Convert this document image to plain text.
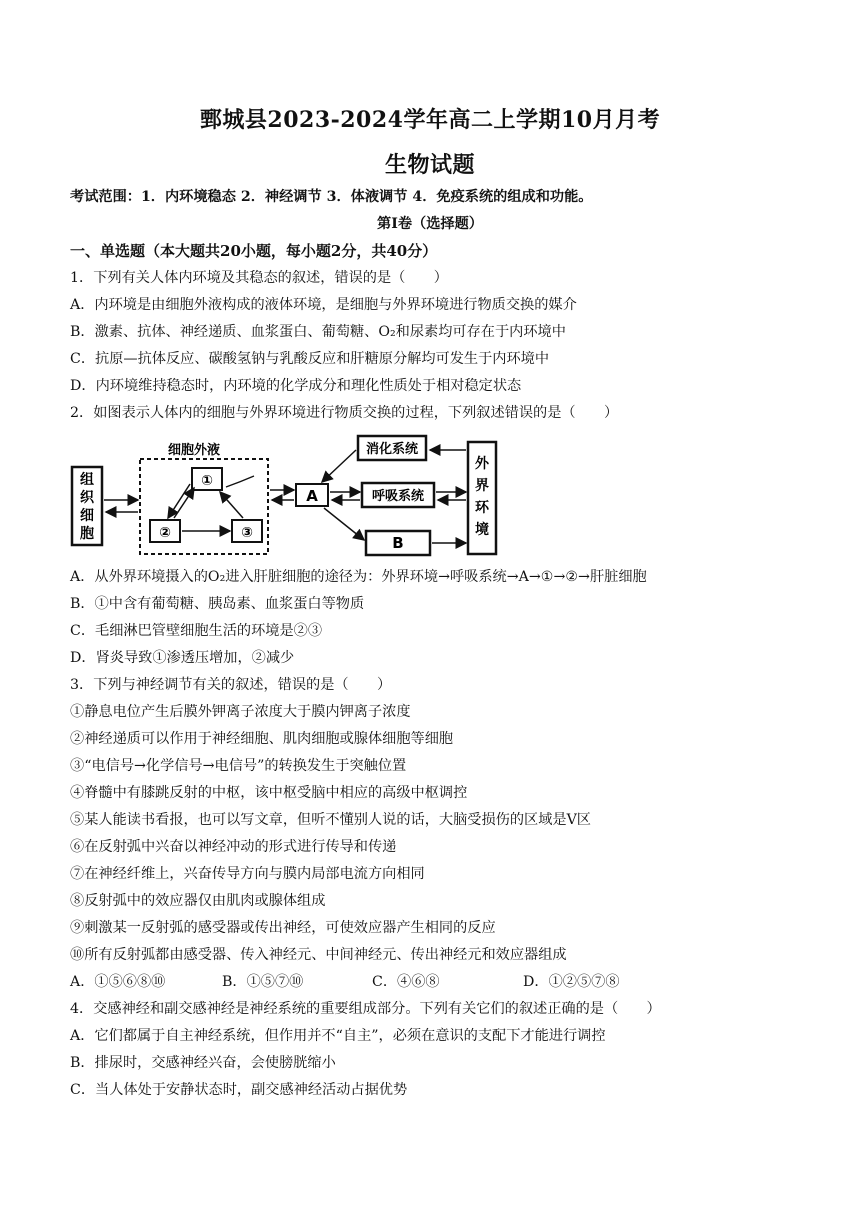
鄄城县2023-2024学年高二上学期10月月考
生物试题
考试范围：1．内环境稳态 2．神经调节 3．体液调节 4．免疫系统的组成和功能。
第Ⅰ卷（选择题）
一、单选题（本大题共20小题，每小题2分，共40分）
1．下列有关人体内环境及其稳态的叙述，错误的是（　　）
A．内环境是由细胞外液构成的液体环境，是细胞与外界环境进行物质交换的媒介
B．激素、抗体、神经递质、血浆蛋白、葡萄糖、O₂和尿素均可存在于内环境中
C．抗原—抗体反应、碳酸氢钠与乳酸反应和肝糖原分解均可发生于内环境中
D．内环境维持稳态时，内环境的化学成分和理化性质处于相对稳定状态
2．如图表示人体内的细胞与外界环境进行物质交换的过程，下列叙述错误的是（　　）
组
织
细
胞
细胞外液
①
②	③
A
消化系统
呼吸系统
B
外
界
环
境
A．从外界环境摄入的O₂进入肝脏细胞的途径为：外界环境→呼吸系统→A→①→②→肝脏细胞
B．①中含有葡萄糖、胰岛素、血浆蛋白等物质
C．毛细淋巴管壁细胞生活的环境是②③
D．肾炎导致①渗透压增加，②减少
3．下列与神经调节有关的叙述，错误的是（　　）
①静息电位产生后膜外钾离子浓度大于膜内钾离子浓度
②神经递质可以作用于神经细胞、肌肉细胞或腺体细胞等细胞
③“电信号→化学信号→电信号”的转换发生于突触位置
④脊髓中有膝跳反射的中枢，该中枢受脑中相应的高级中枢调控
⑤某人能读书看报，也可以写文章，但听不懂别人说的话，大脑受损伤的区域是Ⅴ区
⑥在反射弧中兴奋以神经冲动的形式进行传导和传递
⑦在神经纤维上，兴奋传导方向与膜内局部电流方向相同
⑧反射弧中的效应器仅由肌肉或腺体组成
⑨刺激某一反射弧的感受器或传出神经，可使效应器产生相同的反应
⑩所有反射弧都由感受器、传入神经元、中间神经元、传出神经元和效应器组成
A．①⑤⑥⑧⑩	B．①⑤⑦⑩	C．④⑥⑧	D．①②⑤⑦⑧
4．交感神经和副交感神经是神经系统的重要组成部分。下列有关它们的叙述正确的是（　　）
A．它们都属于自主神经系统，但作用并不“自主”，必须在意识的支配下才能进行调控
B．排尿时，交感神经兴奋，会使膀胱缩小
C．当人体处于安静状态时，副交感神经活动占据优势
